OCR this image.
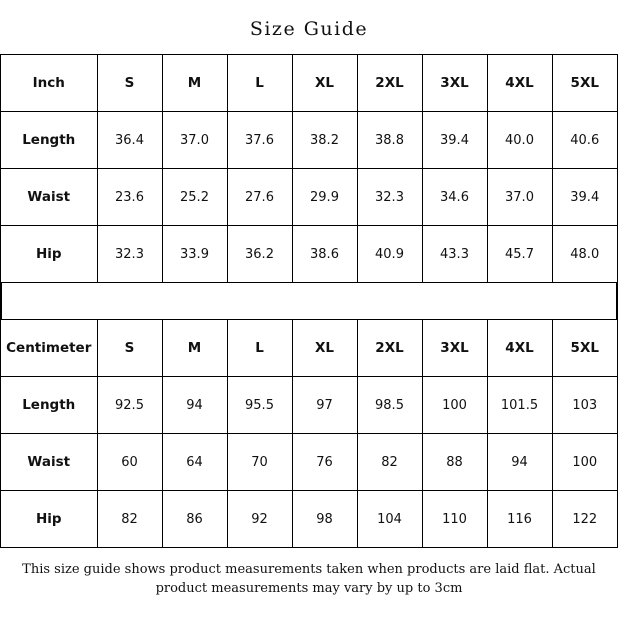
Size Guide
Inch	S	M	L	XL	2XL	3XL	4XL	5XL
Length	36.4	37.0	37.6	38.2	38.8	39.4	40.0	40.6
Waist	23.6	25.2	27.6	29.9	32.3	34.6	37.0	39.4
Hip	32.3	33.9	36.2	38.6	40.9	43.3	45.7	48.0
Centimeter	S	M	L	XL	2XL	3XL	4XL	5XL
Length	92.5	94	95.5	97	98.5	100	101.5	103
Waist	60	64	70	76	82	88	94	100
Hip	82	86	92	98	104	110	116	122
This size guide shows product measurements taken when products are laid flat. Actual product measurements may vary by up to 3cm
